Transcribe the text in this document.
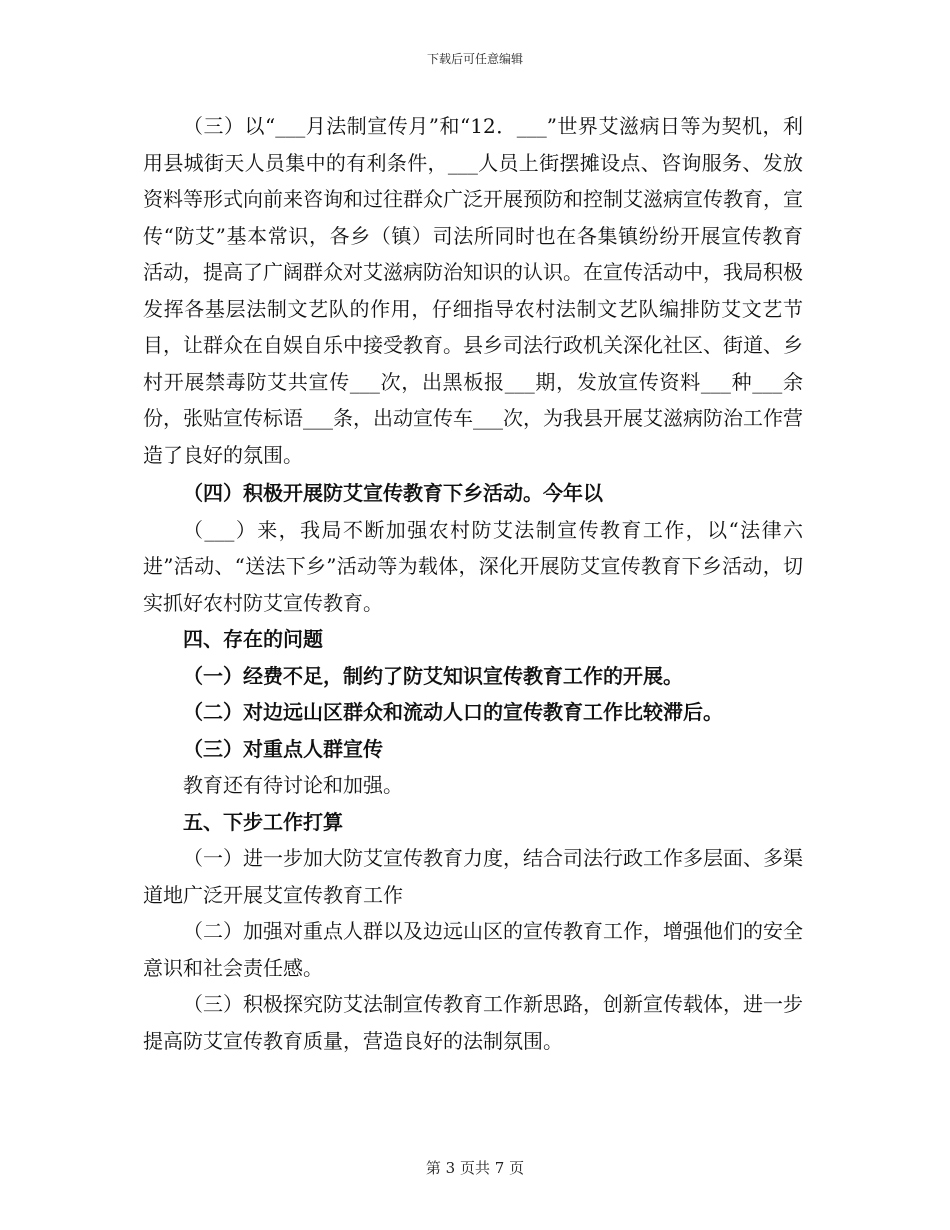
下载后可任意编辑

（三）以“___月法制宣传月”和“12．___”世界艾滋病日等为契机，利用县城街天人员集中的有利条件，___人员上街摆摊设点、咨询服务、发放资料等形式向前来咨询和过往群众广泛开展预防和控制艾滋病宣传教育，宣传“防艾”基本常识，各乡（镇）司法所同时也在各集镇纷纷开展宣传教育活动，提高了广阔群众对艾滋病防治知识的认识。在宣传活动中，我局积极发挥各基层法制文艺队的作用，仔细指导农村法制文艺队编排防艾文艺节目，让群众在自娱自乐中接受教育。县乡司法行政机关深化社区、街道、乡村开展禁毒防艾共宣传___次，出黑板报___期，发放宣传资料___种___余份，张贴宣传标语___条，出动宣传车___次，为我县开展艾滋病防治工作营造了良好的氛围。

（四）积极开展防艾宣传教育下乡活动。今年以

（___）来，我局不断加强农村防艾法制宣传教育工作，以“法律六进”活动、“送法下乡”活动等为载体，深化开展防艾宣传教育下乡活动，切实抓好农村防艾宣传教育。

四、存在的问题

（一）经费不足，制约了防艾知识宣传教育工作的开展。

（二）对边远山区群众和流动人口的宣传教育工作比较滞后。

（三）对重点人群宣传

教育还有待讨论和加强。

五、下步工作打算

（一）进一步加大防艾宣传教育力度，结合司法行政工作多层面、多渠道地广泛开展艾宣传教育工作

（二）加强对重点人群以及边远山区的宣传教育工作，增强他们的安全意识和社会责任感。

（三）积极探究防艾法制宣传教育工作新思路，创新宣传载体，进一步提高防艾宣传教育质量，营造良好的法制氛围。

第 3 页共 7 页
